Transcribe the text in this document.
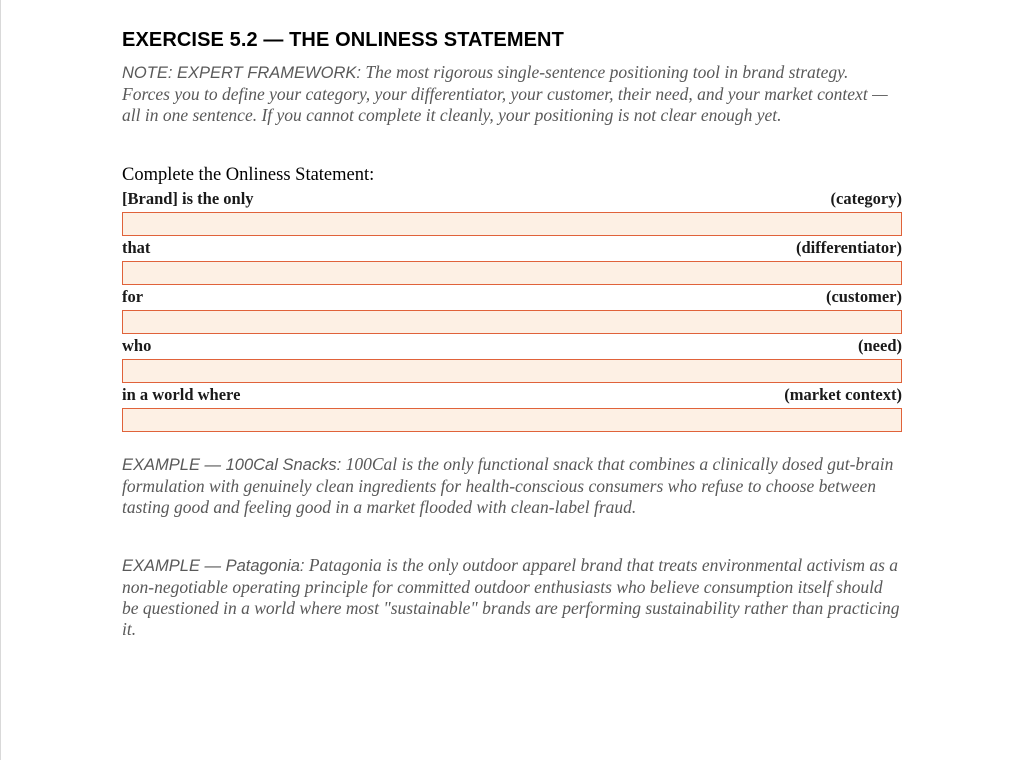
EXERCISE 5.2 — THE ONLINESS STATEMENT
NOTE: EXPERT FRAMEWORK: The most rigorous single-sentence positioning tool in brand strategy. Forces you to define your category, your differentiator, your customer, their need, and your market context — all in one sentence. If you cannot complete it cleanly, your positioning is not clear enough yet.
Complete the Onliness Statement:
[Brand] is the only	(category)
that	(differentiator)
for	(customer)
who	(need)
in a world where	(market context)
EXAMPLE — 100Cal Snacks: 100Cal is the only functional snack that combines a clinically dosed gut-brain formulation with genuinely clean ingredients for health-conscious consumers who refuse to choose between tasting good and feeling good in a market flooded with clean-label fraud.
EXAMPLE — Patagonia: Patagonia is the only outdoor apparel brand that treats environmental activism as a non-negotiable operating principle for committed outdoor enthusiasts who believe consumption itself should be questioned in a world where most "sustainable" brands are performing sustainability rather than practicing it.
